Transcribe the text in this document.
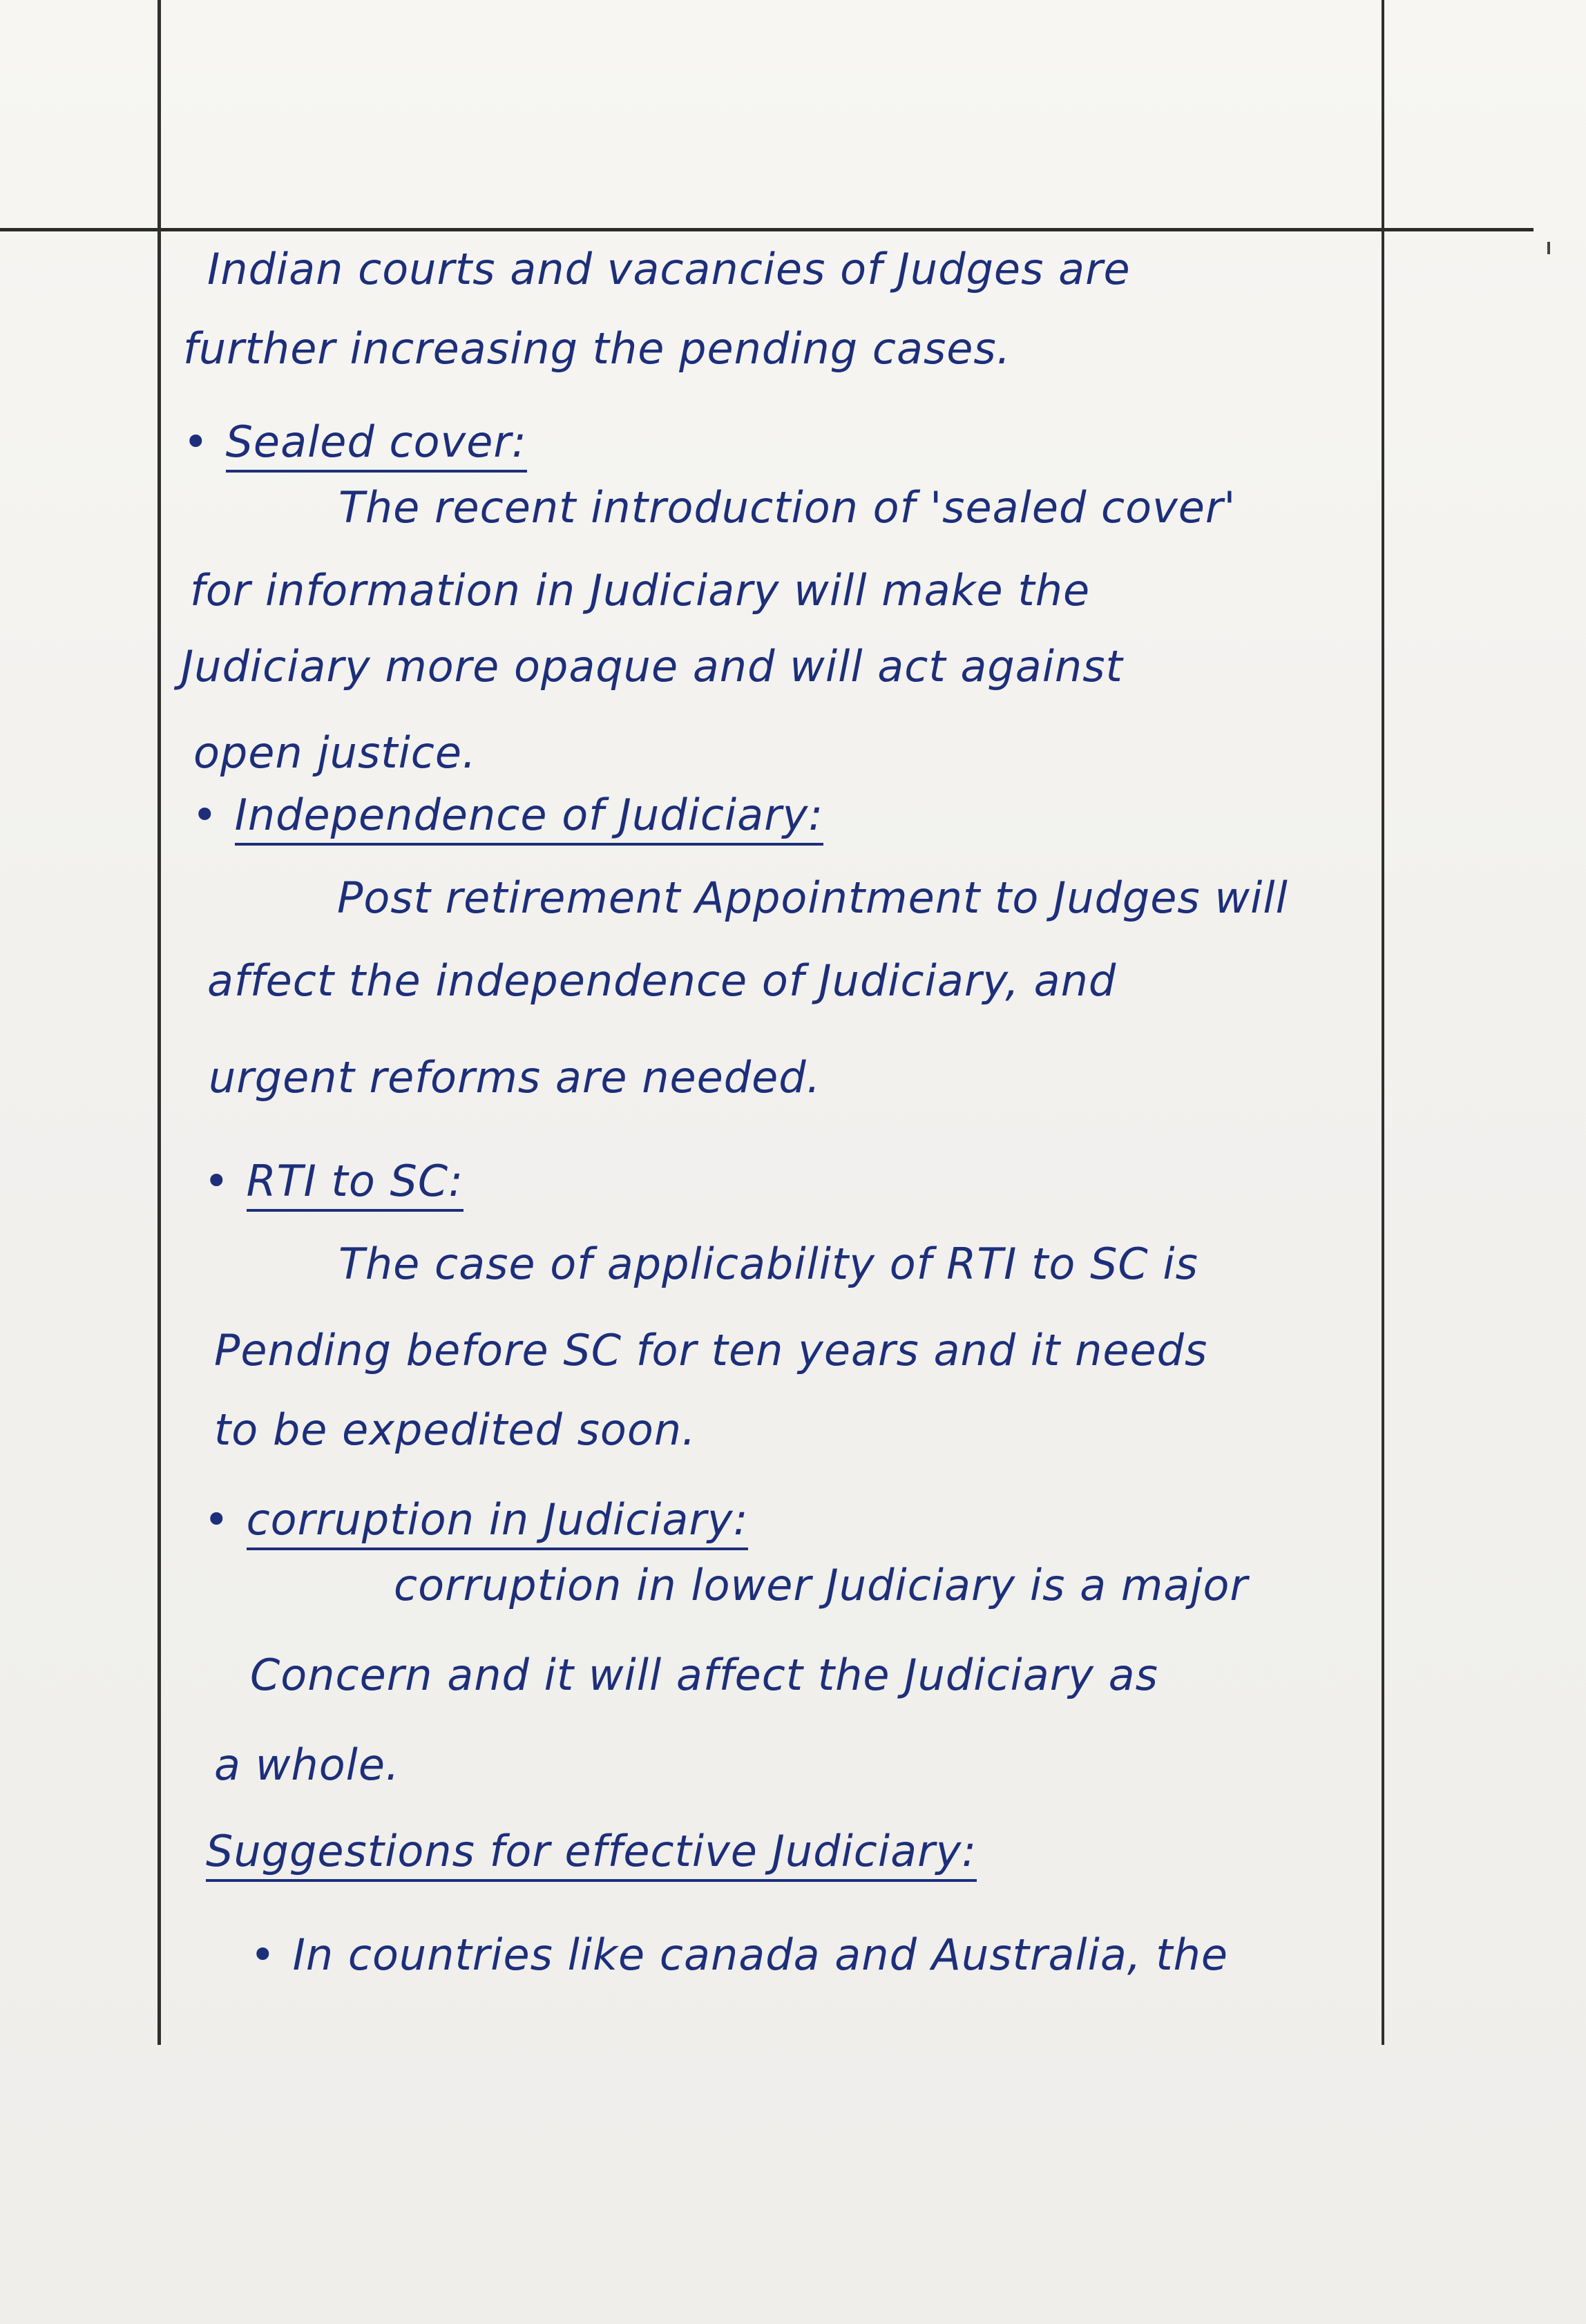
Indian courts and vacancies of Judges are

further increasing the pending cases.

• Sealed cover:

The recent introduction of 'sealed cover'

for information in Judiciary will make the

Judiciary more opaque and will act against

open justice.

• Independence of Judiciary:

Post retirement Appointment to Judges will

affect the independence of Judiciary, and

urgent reforms are needed.

• RTI to SC:

The case of applicability of RTI to SC is

Pending before SC for ten years and it needs

to be expedited soon.

• corruption in Judiciary:

corruption in lower Judiciary is a major

Concern and it will affect the Judiciary as

a whole.

Suggestions for effective Judiciary:

• In countries like canada and Australia, the
